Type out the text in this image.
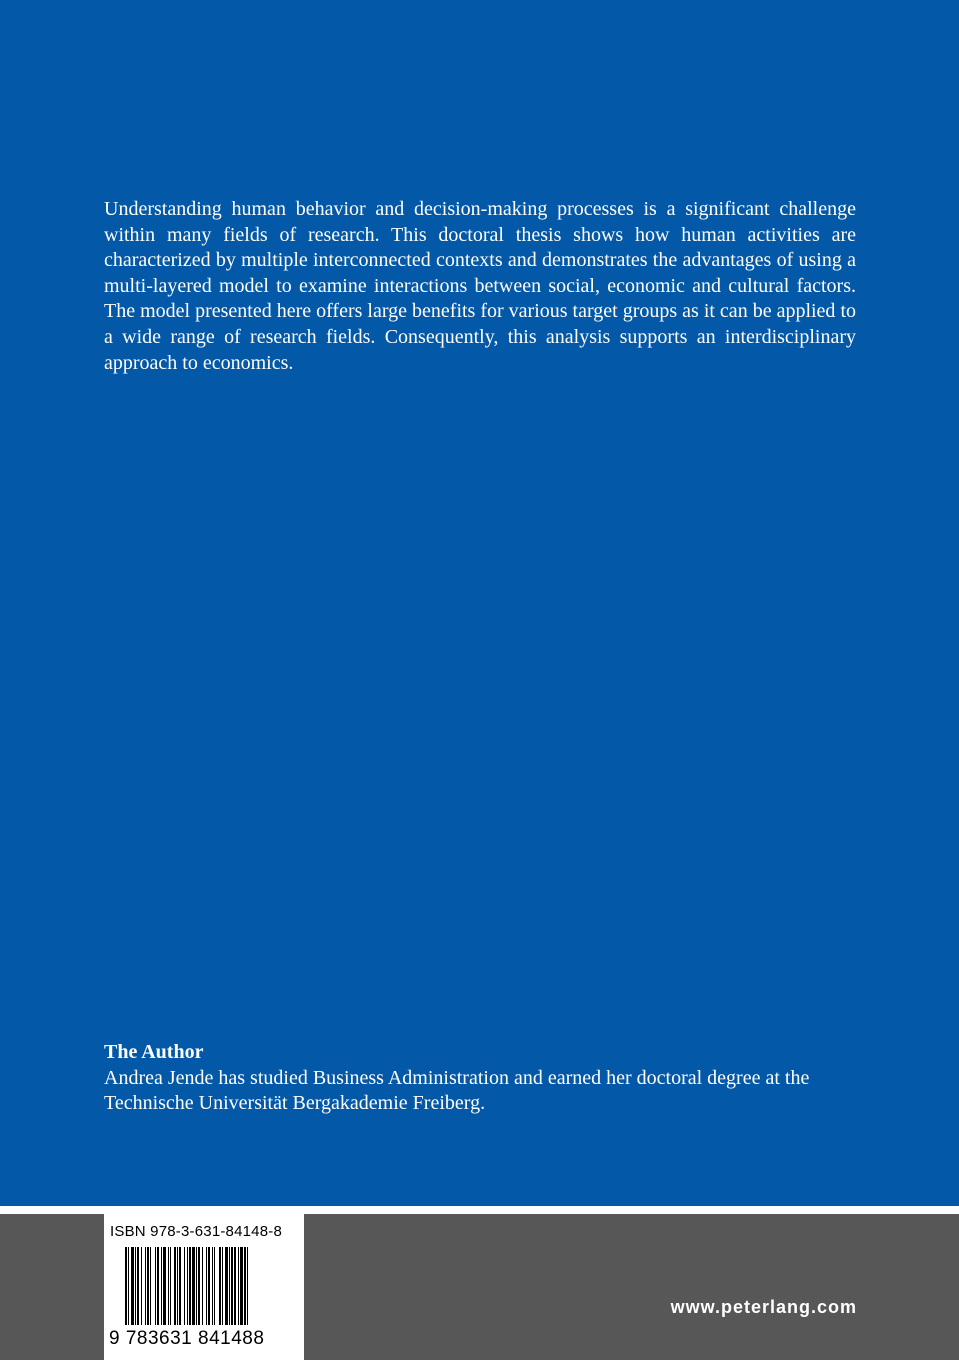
Understanding human behavior and decision-making processes is a significant challenge within many fields of research. This doctoral thesis shows how human activities are characterized by multiple interconnected contexts and demonstrates the advantages of using a multi-layered model to examine interactions between social, economic and cultural factors. The model presented here offers large benefits for various target groups as it can be applied to a wide range of research fields. Consequently, this analysis supports an interdisciplinary approach to economics.

The Author

Andrea Jende has studied Business Administration and earned her doctoral degree at the Technische Universität Bergakademie Freiberg.

ISBN 978-3-631-84148-8
9 783631 841488
www.peterlang.com
